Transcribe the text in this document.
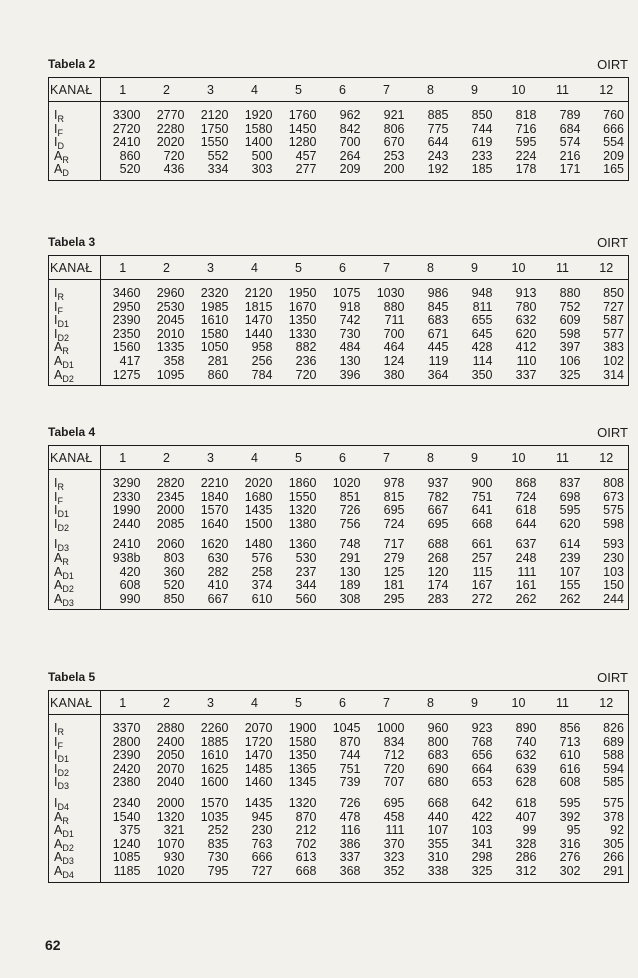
Tabela 2	OIRT
KANAŁ	1	2	3	4	5	6	7	8	9	10	11	12
$I_R$	3300	2770	2120	1920	1760	962	921	885	850	818	789	760
$I_F$	2720	2280	1750	1580	1450	842	806	775	744	716	684	666
$I_D$	2410	2020	1550	1400	1280	700	670	644	619	595	574	554
$A_R$	860	720	552	500	457	264	253	243	233	224	216	209
$A_D$	520	436	334	303	277	209	200	192	185	178	171	165
Tabela 3	OIRT
KANAŁ	1	2	3	4	5	6	7	8	9	10	11	12
$I_R$	3460	2960	2320	2120	1950	1075	1030	986	948	913	880	850
$I_F$	2950	2530	1985	1815	1670	918	880	845	811	780	752	727
$I_{D1}$	2390	2045	1610	1470	1350	742	711	683	655	632	609	587
$I_{D2}$	2350	2010	1580	1440	1330	730	700	671	645	620	598	577
$A_R$	1560	1335	1050	958	882	484	464	445	428	412	397	383
$A_{D1}$	417	358	281	256	236	130	124	119	114	110	106	102
$A_{D2}$	1275	1095	860	784	720	396	380	364	350	337	325	314
Tabela 4	OIRT
KANAŁ	1	2	3	4	5	6	7	8	9	10	11	12
$I_R$	3290	2820	2210	2020	1860	1020	978	937	900	868	837	808
$I_F$	2330	2345	1840	1680	1550	851	815	782	751	724	698	673
$I_{D1}$	1990	2000	1570	1435	1320	726	695	667	641	618	595	575
$I_{D2}$	2440	2085	1640	1500	1380	756	724	695	668	644	620	598
$I_{D3}$	2410	2060	1620	1480	1360	748	717	688	661	637	614	593
$A_R$	938b	803	630	576	530	291	279	268	257	248	239	230
$A_{D1}$	420	360	282	258	237	130	125	120	115	111	107	103
$A_{D2}$	608	520	410	374	344	189	181	174	167	161	155	150
$A_{D3}$	990	850	667	610	560	308	295	283	272	262	262	244
Tabela 5	OIRT
KANAŁ	1	2	3	4	5	6	7	8	9	10	11	12
$I_R$	3370	2880	2260	2070	1900	1045	1000	960	923	890	856	826
$I_F$	2800	2400	1885	1720	1580	870	834	800	768	740	713	689
$I_{D1}$	2390	2050	1610	1470	1350	744	712	683	656	632	610	588
$I_{D2}$	2420	2070	1625	1485	1365	751	720	690	664	639	616	594
$I_{D3}$	2380	2040	1600	1460	1345	739	707	680	653	628	608	585
$I_{D4}$	2340	2000	1570	1435	1320	726	695	668	642	618	595	575
$A_R$	1540	1320	1035	945	870	478	458	440	422	407	392	378
$A_{D1}$	375	321	252	230	212	116	111	107	103	99	95	92
$A_{D2}$	1240	1070	835	763	702	386	370	355	341	328	316	305
$A_{D3}$	1085	930	730	666	613	337	323	310	298	286	276	266
$A_{D4}$	1185	1020	795	727	668	368	352	338	325	312	302	291
62
